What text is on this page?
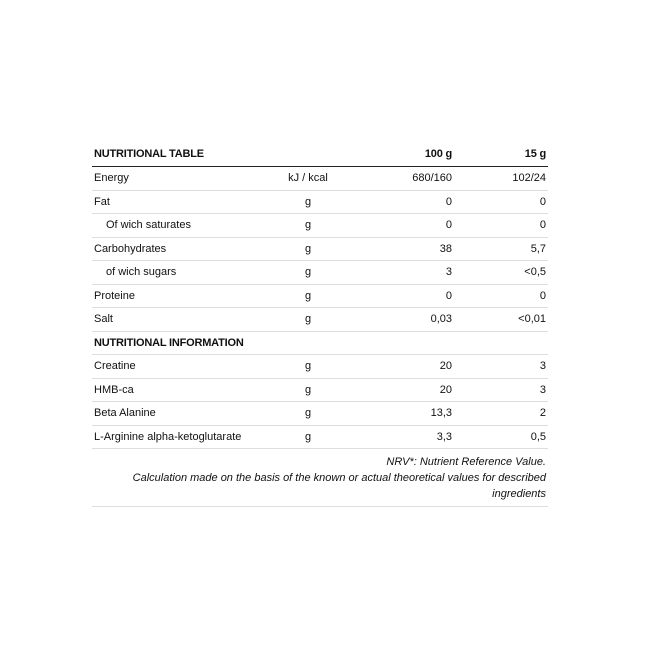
NUTRITIONAL TABLE		100 g	15 g
Energy	kJ / kcal	680/160	102/24
Fat	g	0	0
Of wich saturates	g	0	0
Carbohydrates	g	38	5,7
of wich sugars	g	3	<0,5
Proteine	g	0	0
Salt	g	0,03	<0,01
NUTRITIONAL INFORMATION			
Creatine	g	20	3
HMB-ca	g	20	3
Beta Alanine	g	13,3	2
L-Arginine alpha-ketoglutarate	g	3,3	0,5

NRV*: Nutrient Reference Value.

Calculation made on the basis of the known or actual theoretical values for described ingredients
